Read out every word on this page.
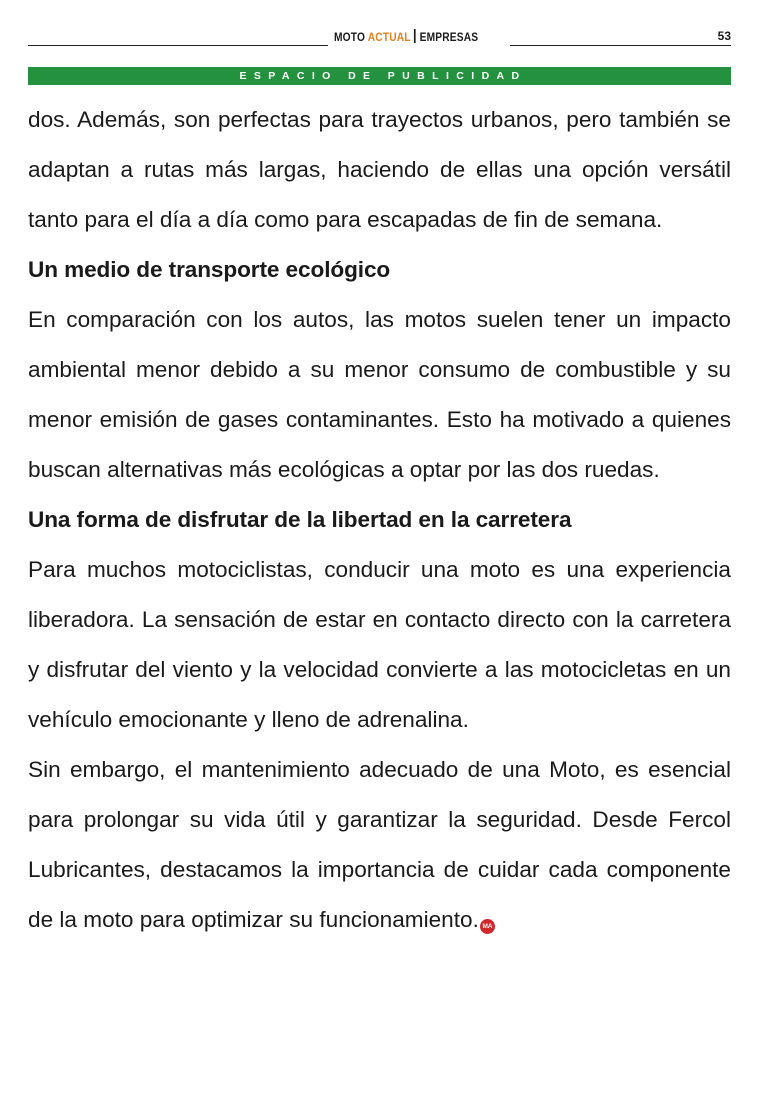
MOTO ACTUAL EMPRESAS	53
ESPACIO DE PUBLICIDAD

dos. Además, son perfectas para trayectos urbanos, pero también se adaptan a rutas más largas, haciendo de ellas una opción versátil tanto para el día a día como para escapadas de fin de semana.

Un medio de transporte ecológico

En comparación con los autos, las motos suelen tener un impacto ambiental menor debido a su menor consumo de combustible y su menor emisión de gases contaminantes. Esto ha motivado a quienes buscan alternativas más ecológicas a optar por las dos ruedas.

Una forma de disfrutar de la libertad en la carretera

Para muchos motociclistas, conducir una moto es una experiencia liberadora. La sensación de estar en contacto directo con la carretera y disfrutar del viento y la velocidad convierte a las motocicletas en un vehículo emocionante y lleno de adrenalina.

Sin embargo, el mantenimiento adecuado de una Moto, es esencial para prolongar su vida útil y garantizar la seguridad. Desde Fercol Lubricantes, destacamos la importancia de cuidar cada componente de la moto para optimizar su funcionamiento. MA
